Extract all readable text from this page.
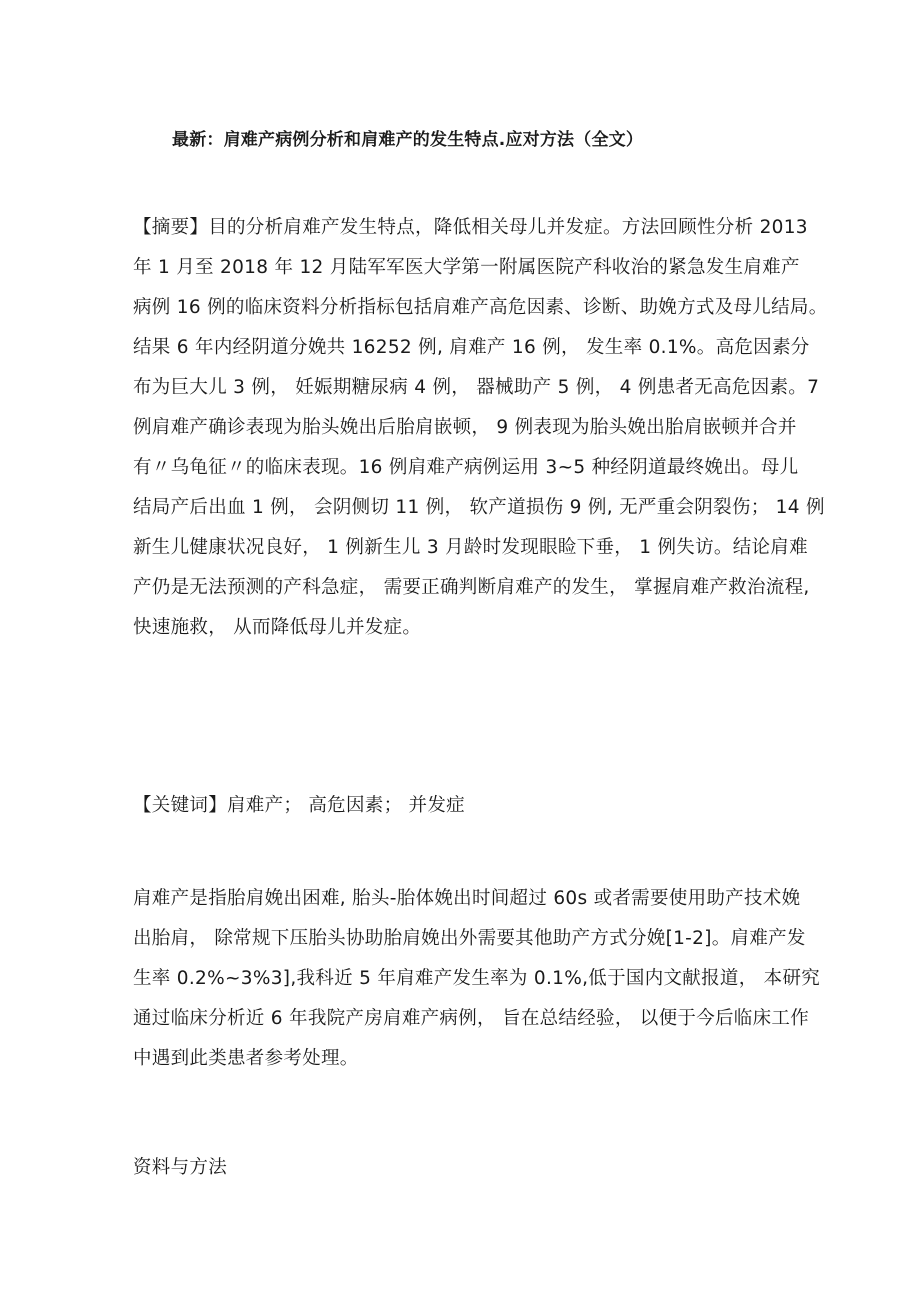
最新：肩难产病例分析和肩难产的发生特点.应对方法（全文）
【摘要】目的分析肩难产发生特点，降低相关母儿并发症。方法回顾性分析 2013
年 1 月至 2018 年 12 月陆军军医大学第一附属医院产科收治的紧急发生肩难产
病例 16 例的临床资料分析指标包括肩难产高危因素、诊断、助娩方式及母儿结局。
结果 6 年内经阴道分娩共 16252 例, 肩难产 16 例， 发生率 0.1%。高危因素分
布为巨大儿 3 例， 妊娠期糖尿病 4 例， 器械助产 5 例， 4 例患者无高危因素。7
例肩难产确诊表现为胎头娩出后胎肩嵌顿， 9 例表现为胎头娩出胎肩嵌顿并合并
有〃乌龟征〃的临床表现。16 例肩难产病例运用 3~5 种经阴道最终娩出。母儿
结局产后出血 1 例， 会阴侧切 11 例， 软产道损伤 9 例, 无严重会阴裂伤； 14 例
新生儿健康状况良好， 1 例新生儿 3 月龄时发现眼睑下垂， 1 例失访。结论肩难
产仍是无法预测的产科急症， 需要正确判断肩难产的发生， 掌握肩难产救治流程,
快速施救， 从而降低母儿并发症。
【关键词】肩难产； 高危因素； 并发症
肩难产是指胎肩娩出困难, 胎头-胎体娩出时间超过 60s 或者需要使用助产技术娩
出胎肩， 除常规下压胎头协助胎肩娩出外需要其他助产方式分娩[1-2]。肩难产发
生率 0.2%~3%3],我科近 5 年肩难产发生率为 0.1%,低于国内文献报道， 本研究
通过临床分析近 6 年我院产房肩难产病例， 旨在总结经验， 以便于今后临床工作
中遇到此类患者参考处理。
资料与方法
